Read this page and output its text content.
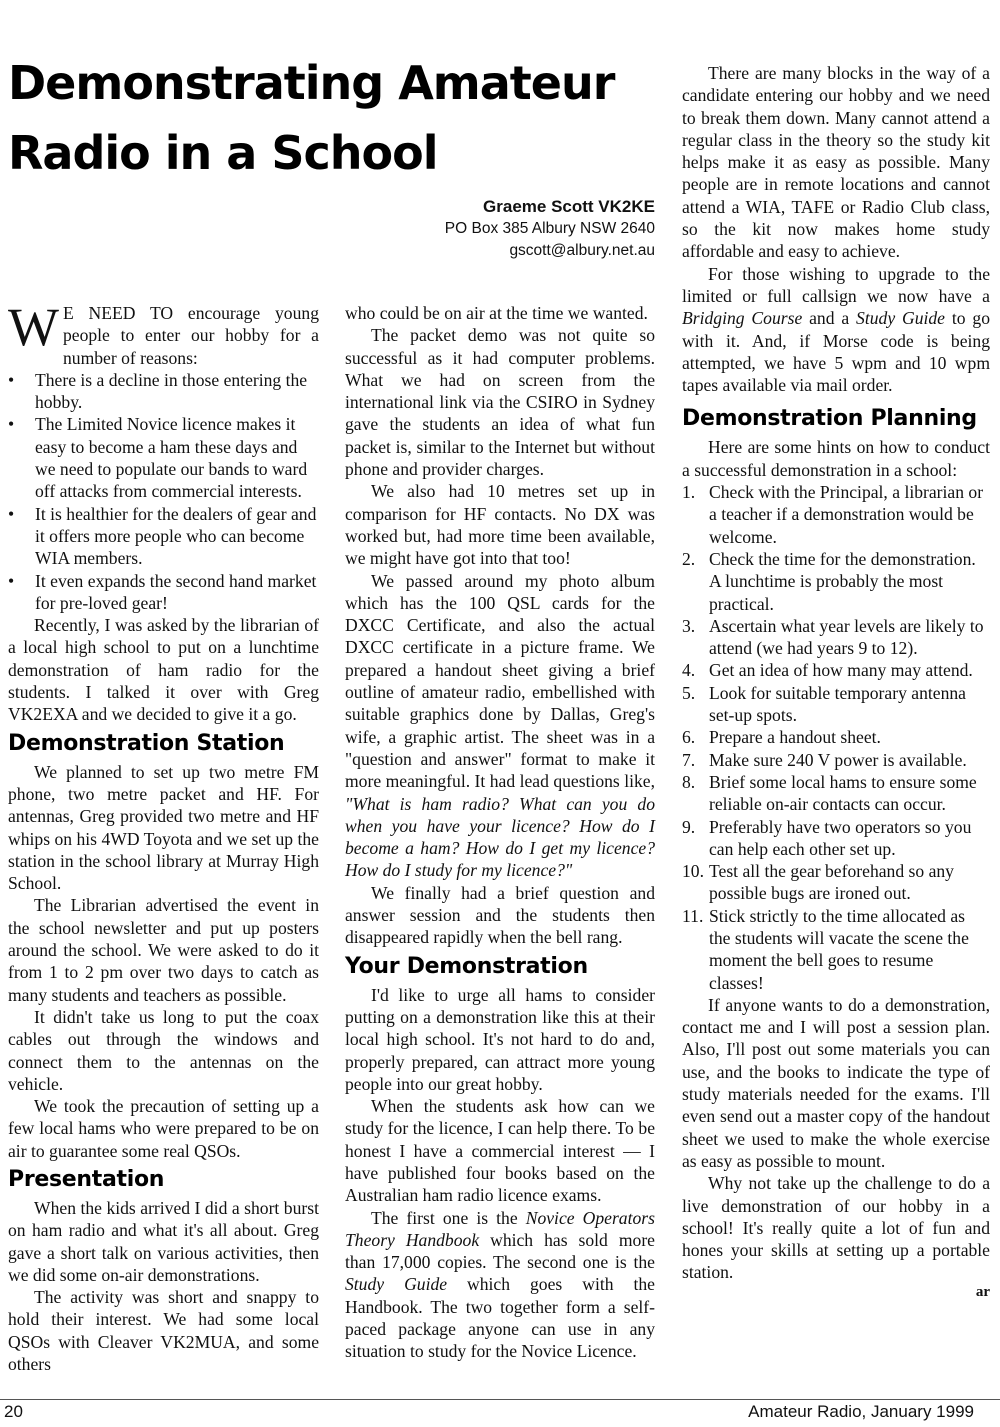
Demonstrating Amateur Radio in a School
Graeme Scott VK2KE
PO Box 385 Albury NSW 2640
gscott@albury.net.au

W E NEED TO encourage young people to enter our hobby for a number of reasons:

• There is a decline in those entering the hobby.
• The Limited Novice licence makes it easy to become a ham these days and we need to populate our bands to ward off attacks from commercial interests.
• It is healthier for the dealers of gear and it offers more people who can become WIA members.
• It even expands the second hand market for pre-loved gear!

Recently, I was asked by the librarian of a local high school to put on a lunchtime demonstration of ham radio for the students. I talked it over with Greg VK2EXA and we decided to give it a go.

Demonstration Station

We planned to set up two metre FM phone, two metre packet and HF. For antennas, Greg provided two metre and HF whips on his 4WD Toyota and we set up the station in the school library at Murray High School.

The Librarian advertised the event in the school newsletter and put up posters around the school. We were asked to do it from 1 to 2 pm over two days to catch as many students and teachers as possible.

It didn't take us long to put the coax cables out through the windows and connect them to the antennas on the vehicle.

We took the precaution of setting up a few local hams who were prepared to be on air to guarantee some real QSOs.

Presentation

When the kids arrived I did a short burst on ham radio and what it's all about. Greg gave a short talk on various activities, then we did some on-air demonstrations.

The activity was short and snappy to hold their interest. We had some local QSOs with Cleaver VK2MUA, and some others

who could be on air at the time we wanted.

The packet demo was not quite so successful as it had computer problems. What we had on screen from the international link via the CSIRO in Sydney gave the students an idea of what fun packet is, similar to the Internet but without phone and provider charges.

We also had 10 metres set up in comparison for HF contacts. No DX was worked but, had more time been available, we might have got into that too!

We passed around my photo album which has the 100 QSL cards for the DXCC Certificate, and also the actual DXCC certificate in a picture frame. We prepared a handout sheet giving a brief outline of amateur radio, embellished with suitable graphics done by Dallas, Greg's wife, a graphic artist. The sheet was in a "question and answer" format to make it more meaningful. It had lead questions like, "What is ham radio? What can you do when you have your licence? How do I become a ham? How do I get my licence? How do I study for my licence?"

We finally had a brief question and answer session and the students then disappeared rapidly when the bell rang.

Your Demonstration

I'd like to urge all hams to consider putting on a demonstration like this at their local high school. It's not hard to do and, properly prepared, can attract more young people into our great hobby.

When the students ask how can we study for the licence, I can help there. To be honest I have a commercial interest — I have published four books based on the Australian ham radio licence exams.

The first one is the Novice Operators Theory Handbook which has sold more than 17,000 copies. The second one is the Study Guide which goes with the Handbook. The two together form a self-paced package anyone can use in any situation to study for the Novice Licence.

There are many blocks in the way of a candidate entering our hobby and we need to break them down. Many cannot attend a regular class in the theory so the study kit helps make it as easy as possible. Many people are in remote locations and cannot attend a WIA, TAFE or Radio Club class, so the kit now makes home study affordable and easy to achieve.

For those wishing to upgrade to the limited or full callsign we now have a Bridging Course and a Study Guide to go with it. And, if Morse code is being attempted, we have 5 wpm and 10 wpm tapes available via mail order.

Demonstration Planning

Here are some hints on how to conduct a successful demonstration in a school:

1. Check with the Principal, a librarian or a teacher if a demonstration would be welcome.
2. Check the time for the demonstration. A lunchtime is probably the most practical.
3. Ascertain what year levels are likely to attend (we had years 9 to 12).
4. Get an idea of how many may attend.
5. Look for suitable temporary antenna set-up spots.
6. Prepare a handout sheet.
7. Make sure 240 V power is available.
8. Brief some local hams to ensure some reliable on-air contacts can occur.
9. Preferably have two operators so you can help each other set up.
10. Test all the gear beforehand so any possible bugs are ironed out.
11. Stick strictly to the time allocated as the students will vacate the scene the moment the bell goes to resume classes!

If anyone wants to do a demonstration, contact me and I will post a session plan. Also, I'll post out some materials you can use, and the books to indicate the type of study materials needed for the exams. I'll even send out a master copy of the handout sheet we used to make the whole exercise as easy as possible to mount.

Why not take up the challenge to do a live demonstration of our hobby in a school! It's really quite a lot of fun and hones your skills at setting up a portable station.

ar

20	Amateur Radio, January 1999
